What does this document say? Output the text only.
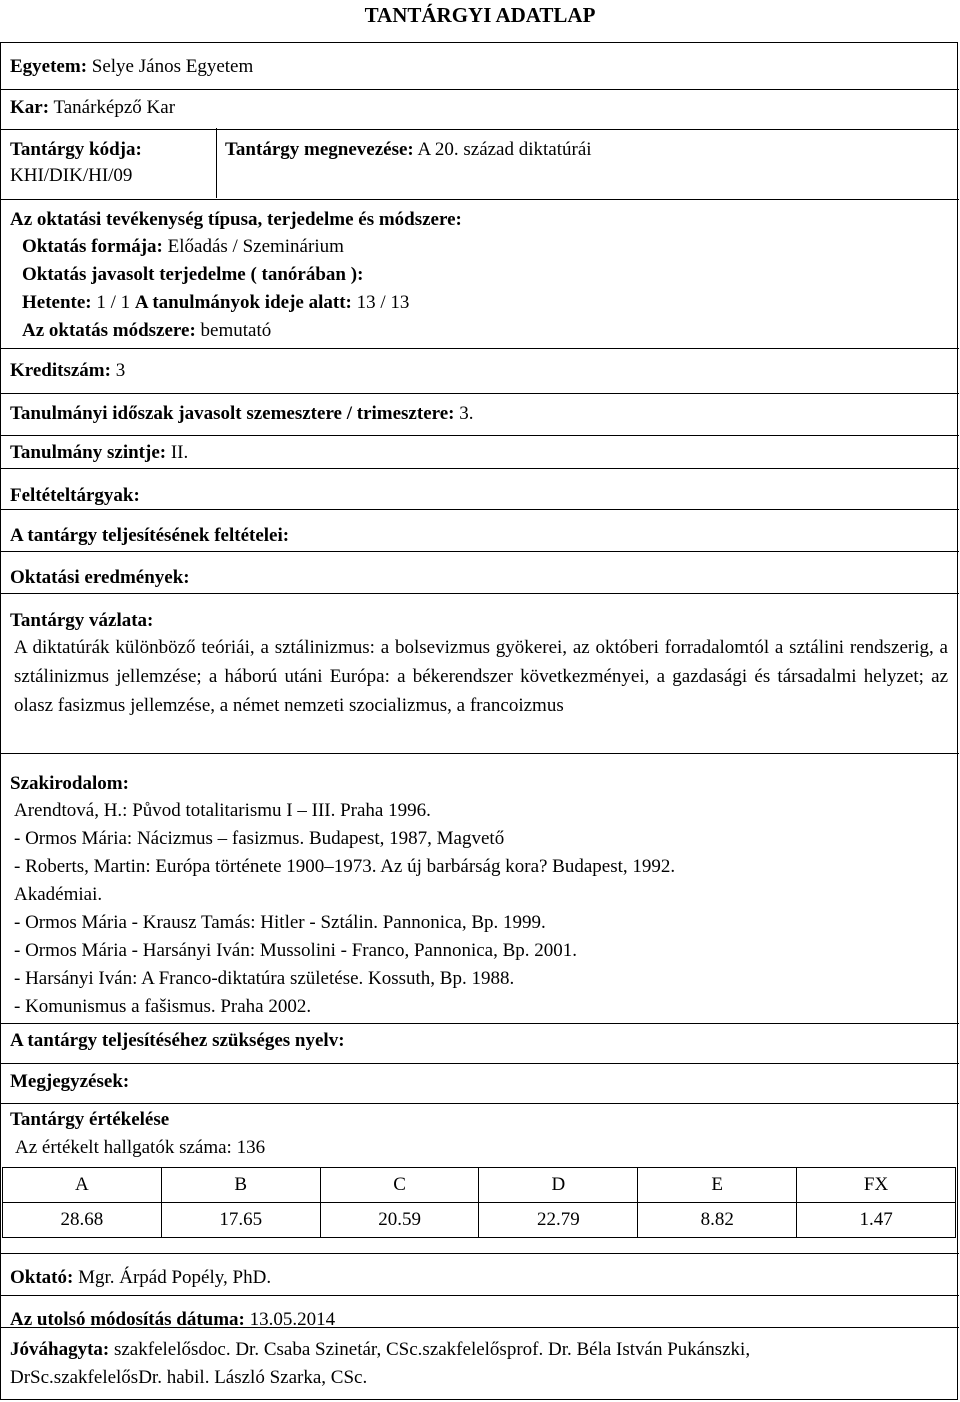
TANTÁRGYI ADATLAP
Egyetem: Selye János Egyetem
Kar: Tanárképző Kar
Tantárgy kódja:
KHI/DIK/HI/09
Tantárgy megnevezése: A 20. század diktatúrái
Az oktatási tevékenység típusa, terjedelme és módszere:
Oktatás formája: Előadás / Szeminárium
Oktatás javasolt terjedelme ( tanórában ):
Hetente: 1 / 1 A tanulmányok ideje alatt: 13 / 13
Az oktatás módszere: bemutató
Kreditszám: 3
Tanulmányi időszak javasolt szemesztere / trimesztere: 3.
Tanulmány szintje: II.
Feltételtárgyak:
A tantárgy teljesítésének feltételei:
Oktatási eredmények:
Tantárgy vázlata:
A diktatúrák különböző teóriái, a sztálinizmus: a bolsevizmus gyökerei, az októberi forradalomtól a sztálini rendszerig, a sztálinizmus jellemzése; a háború utáni Európa: a békerendszer következményei, a gazdasági és társadalmi helyzet; az olasz fasizmus jellemzése, a német nemzeti szocializmus, a francoizmus
Szakirodalom:
Arendtová, H.: Původ totalitarismu I – III. Praha 1996.
- Ormos Mária: Nácizmus – fasizmus. Budapest, 1987, Magvető
- Roberts, Martin: Európa története 1900–1973. Az új barbárság kora? Budapest, 1992.
Akadémiai.
- Ormos Mária - Krausz Tamás: Hitler - Sztálin. Pannonica, Bp. 1999.
- Ormos Mária - Harsányi Iván: Mussolini - Franco, Pannonica, Bp. 2001.
- Harsányi Iván: A Franco-diktatúra születése. Kossuth, Bp. 1988.
- Komunismus a fašismus. Praha 2002.
A tantárgy teljesítéséhez szükséges nyelv:
Megjegyzések:
Tantárgy értékelése
Az értékelt hallgatók száma: 136
Oktató: Mgr. Árpád Popély, PhD.
Az utolsó módosítás dátuma: 13.05.2014
Jóváhagyta: szakfelelősdoc. Dr. Csaba Szinetár, CSc.szakfelelősprof. Dr. Béla István Pukánszki,
DrSc.szakfelelősDr. habil. László Szarka, CSc.
A	B	C	D	E	FX
28.68	17.65	20.59	22.79	8.82	1.47
